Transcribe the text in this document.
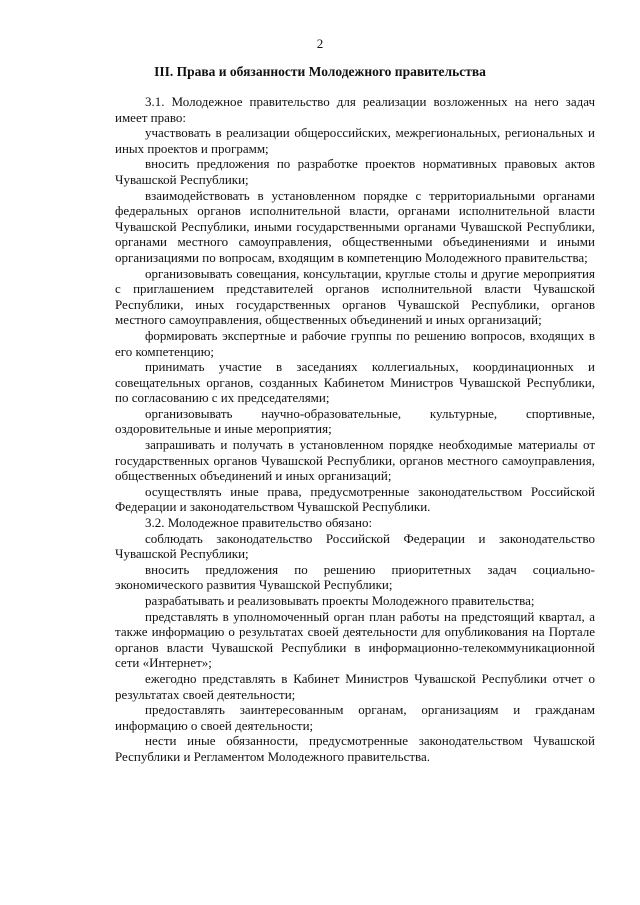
2
III. Права и обязанности Молодежного правительства

3.1. Молодежное правительство для реализации возложенных на него задач имеет право:

участвовать в реализации общероссийских, межрегиональных, региональных и иных проектов и программ;

вносить предложения по разработке проектов нормативных правовых актов Чувашской Республики;

взаимодействовать в установленном порядке с территориальными органами федеральных органов исполнительной власти, органами исполнительной власти Чувашской Республики, иными государственными органами Чувашской Республики, органами местного самоуправления, общественными объединениями и иными организациями по вопросам, входящим в компетенцию Молодежного правительства;

организовывать совещания, консультации, круглые столы и другие мероприятия с приглашением представителей органов исполнительной власти Чувашской Республики, иных государственных органов Чувашской Республики, органов местного самоуправления, общественных объединений и иных организаций;

формировать экспертные и рабочие группы по решению вопросов, входящих в его компетенцию;

принимать участие в заседаниях коллегиальных, координационных и совещательных органов, созданных Кабинетом Министров Чувашской Республики, по согласованию с их председателями;

организовывать научно-образовательные, культурные, спортивные, оздоровительные и иные мероприятия;

запрашивать и получать в установленном порядке необходимые материалы от государственных органов Чувашской Республики, органов местного самоуправления, общественных объединений и иных организаций;

осуществлять иные права, предусмотренные законодательством Российской Федерации и законодательством Чувашской Республики.

3.2. Молодежное правительство обязано:

соблюдать законодательство Российской Федерации и законодательство Чувашской Республики;

вносить предложения по решению приоритетных задач социально-экономического развития Чувашской Республики;

разрабатывать и реализовывать проекты Молодежного правительства;

представлять в уполномоченный орган план работы на предстоящий квартал, а также информацию о результатах своей деятельности для опубликования на Портале органов власти Чувашской Республики в информационно-телекоммуникационной сети «Интернет»;

ежегодно представлять в Кабинет Министров Чувашской Республики отчет о результатах своей деятельности;

предоставлять заинтересованным органам, организациям и гражданам информацию о своей деятельности;

нести иные обязанности, предусмотренные законодательством Чувашской Республики и Регламентом Молодежного правительства.
